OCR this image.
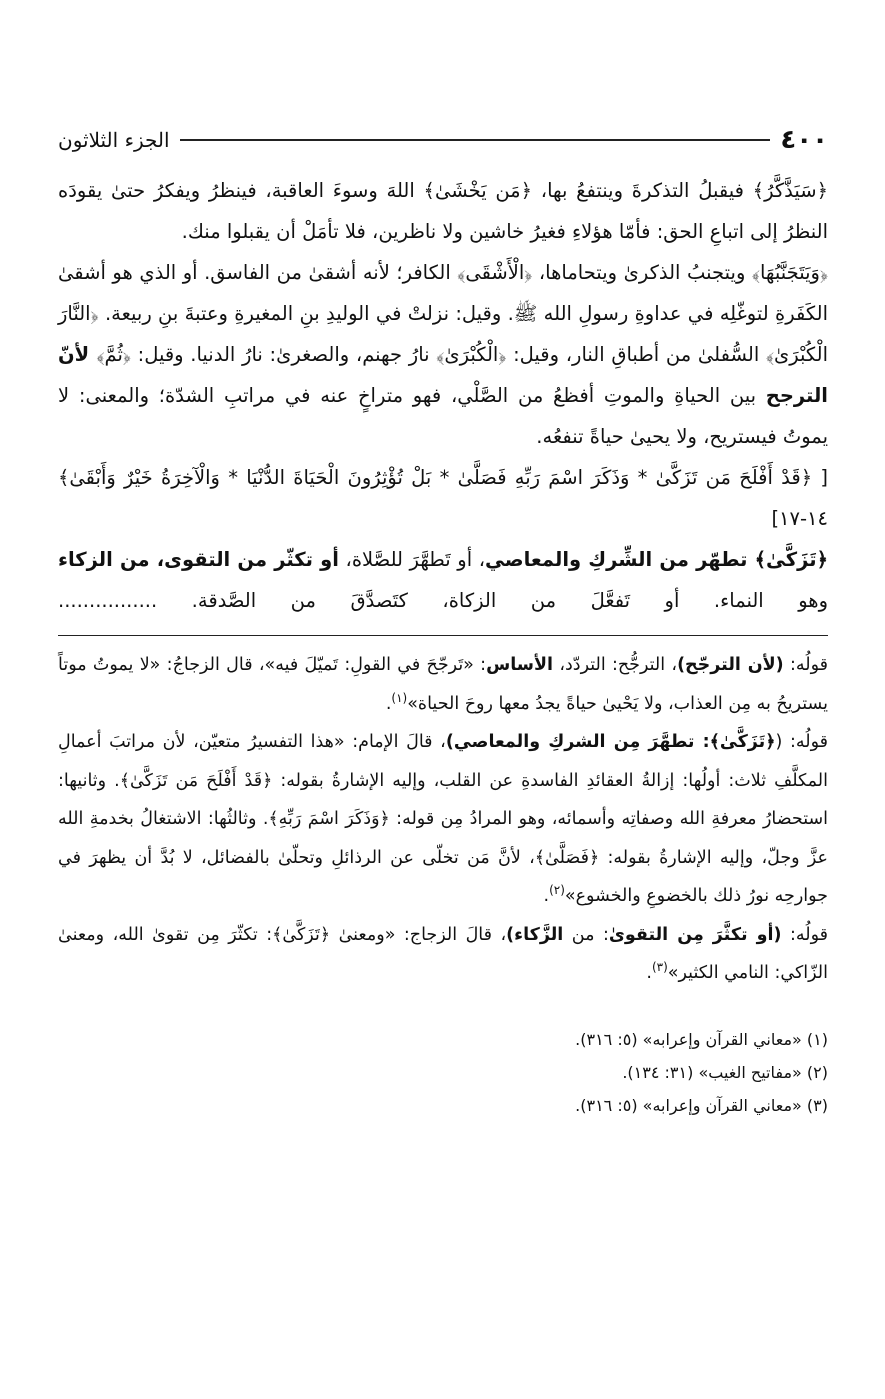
٤٠٠
الجزء الثلاثون

﴿سَيَذَّكَّرُ﴾ فيقبلُ التذكرةَ وينتفعُ بها، ﴿مَن يَخْشَىٰ﴾ اللهَ وسوءَ العاقبة، فينظرُ ويفكرُ حتىٰ يقودَه النظرُ إلى اتباعِ الحق: فأمّا هؤلاءِ فغيرُ خاشين ولا ناظرين، فلا تأمَلْ أن يقبلوا منك.

﴿وَيَتَجَنَّبُهَا﴾ ويتجنبُ الذكرىٰ ويتحاماها، ﴿الْأَشْقَى﴾ الكافر؛ لأنه أشقىٰ من الفاسق. أو الذي هو أشقىٰ الكَفَرةِ لتوغّلِه في عداوةِ رسولِ الله ﷺ. وقيل: نزلتْ في الوليدِ بنِ المغيرةِ وعتبةَ بنِ ربيعة. ﴿النَّارَ الْكُبْرَىٰ﴾ السُّفلىٰ من أطباقِ النار، وقيل: ﴿الْكُبْرَىٰ﴾ نارُ جهنم، والصغرىٰ: نارُ الدنيا. وقيل: ﴿ثُمَّ﴾ لأنّ الترجح بين الحياةِ والموتِ أفظعُ من الصَّلْي، فهو متراخٍ عنه في مراتبِ الشدّة؛ والمعنى: لا يموتُ فيستريح، ولا يحيىٰ حياةً تنفعُه.

[ ﴿قَدْ أَفْلَحَ مَن تَزَكَّىٰ * وَذَكَرَ اسْمَ رَبِّهِ فَصَلَّىٰ * بَلْ تُؤْثِرُونَ الْحَيَاةَ الدُّنْيَا * وَالْآخِرَةُ خَيْرٌ وَأَبْقَىٰ﴾ ١٤-١٧]

﴿تَزَكَّىٰ﴾ تطهّر من الشِّركِ والمعاصي، أو تَطهَّرَ للصَّلاة، أو تكثّر من التقوى، من الزكاء وهو النماء. أو تَفعَّلَ من الزكاة، كتَصدَّقَ من الصَّدقة. ................

قولُه: (لأن الترجّح)، الترجُّح: التردّد، الأساس: «تَرجّحَ في القولِ: تَميّلَ فيه»، قال الزجاجُ: «لا يموتُ موتاً يستريحُ به مِن العذاب، ولا يَحْيىٰ حياةً يجدُ معها روحَ الحياة»$^{(١)}$.

قولُه: (﴿تَزَكَّىٰ﴾: تطهَّرَ مِن الشركِ والمعاصي)، قالَ الإمام: «هذا التفسيرُ متعيّن، لأن مراتبَ أعمالِ المكلَّفِ ثلاث: أولُها: إزالةُ العقائدِ الفاسدةِ عن القلب، وإليه الإشارةُ بقوله: ﴿قَدْ أَفْلَحَ مَن تَزَكَّىٰ﴾. وثانيها: استحضارُ معرفةِ الله وصفاتِه وأسمائه، وهو المرادُ مِن قوله: ﴿وَذَكَرَ اسْمَ رَبِّهِ﴾. وثالثُها: الاشتغالُ بخدمةِ الله عزَّ وجلّ، وإليه الإشارةُ بقوله: ﴿فَصَلَّىٰ﴾، لأنَّ مَن تخلّى عن الرذائلِ وتحلّىٰ بالفضائل، لا بُدَّ أن يظهرَ في جوارحِه نورُ ذلك بالخضوعِ والخشوع»$^{(٢)}$.

قولُه: (أو تكثَّرَ مِن التقوىٰ: من الزَّكاء)، قالَ الزجاج: «ومعنىٰ ﴿تَزَكَّىٰ﴾: تكثّرَ مِن تقوىٰ الله، ومعنىٰ الزّاكي: النامي الكثير»$^{(٣)}$.

(١) «معاني القرآن وإعرابه» (٥: ٣١٦).

(٢) «مفاتيح الغيب» (٣١: ١٣٤).

(٣) «معاني القرآن وإعرابه» (٥: ٣١٦).
